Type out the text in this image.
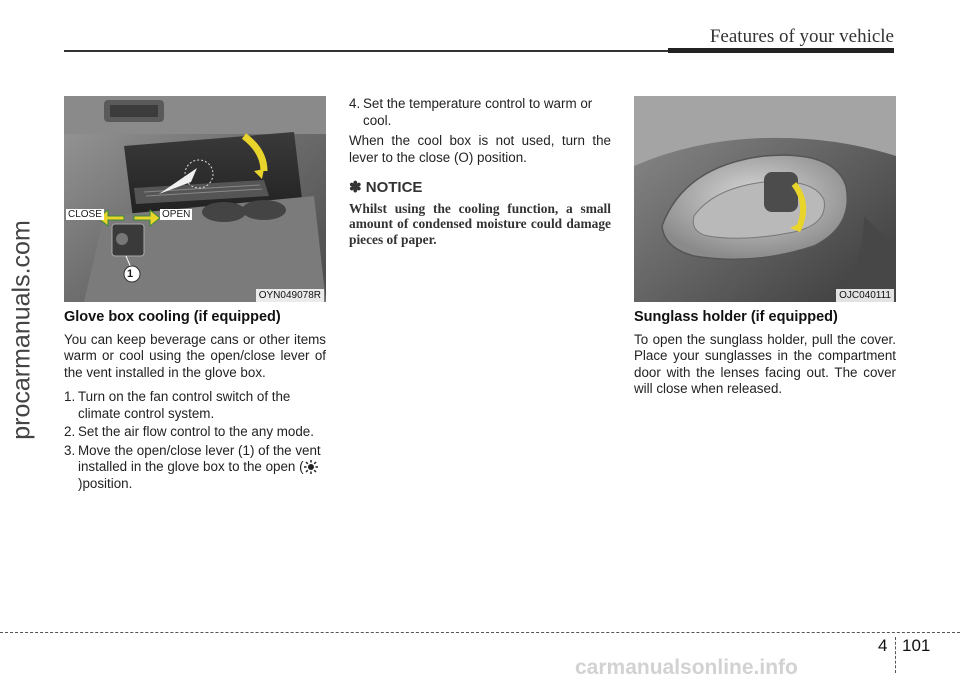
Features of your vehicle
procarmanuals.com
CLOSE	OPEN
1
OYN049078R	OJC040111
Glove box cooling (if equipped)

You can keep beverage cans or other items warm or cool using the open/close lever of the vent installed in the glove box.

1. Turn on the fan control switch of the climate control system.
2. Set the air flow control to the any mode.
3. Move the open/close lever (1) of the vent installed in the glove box to the open ()position.
4. Set the temperature control to warm or cool.

When the cool box is not used, turn the lever to the close (O) position.

✽ NOTICE
Whilst using the cooling function, a small amount of condensed moisture could damage pieces of paper.
Sunglass holder (if equipped)

To open the sunglass holder, pull the cover. Place your sunglasses in the compartment door with the lenses facing out. The cover will close when released.

4 101
carmanualsonline.info
